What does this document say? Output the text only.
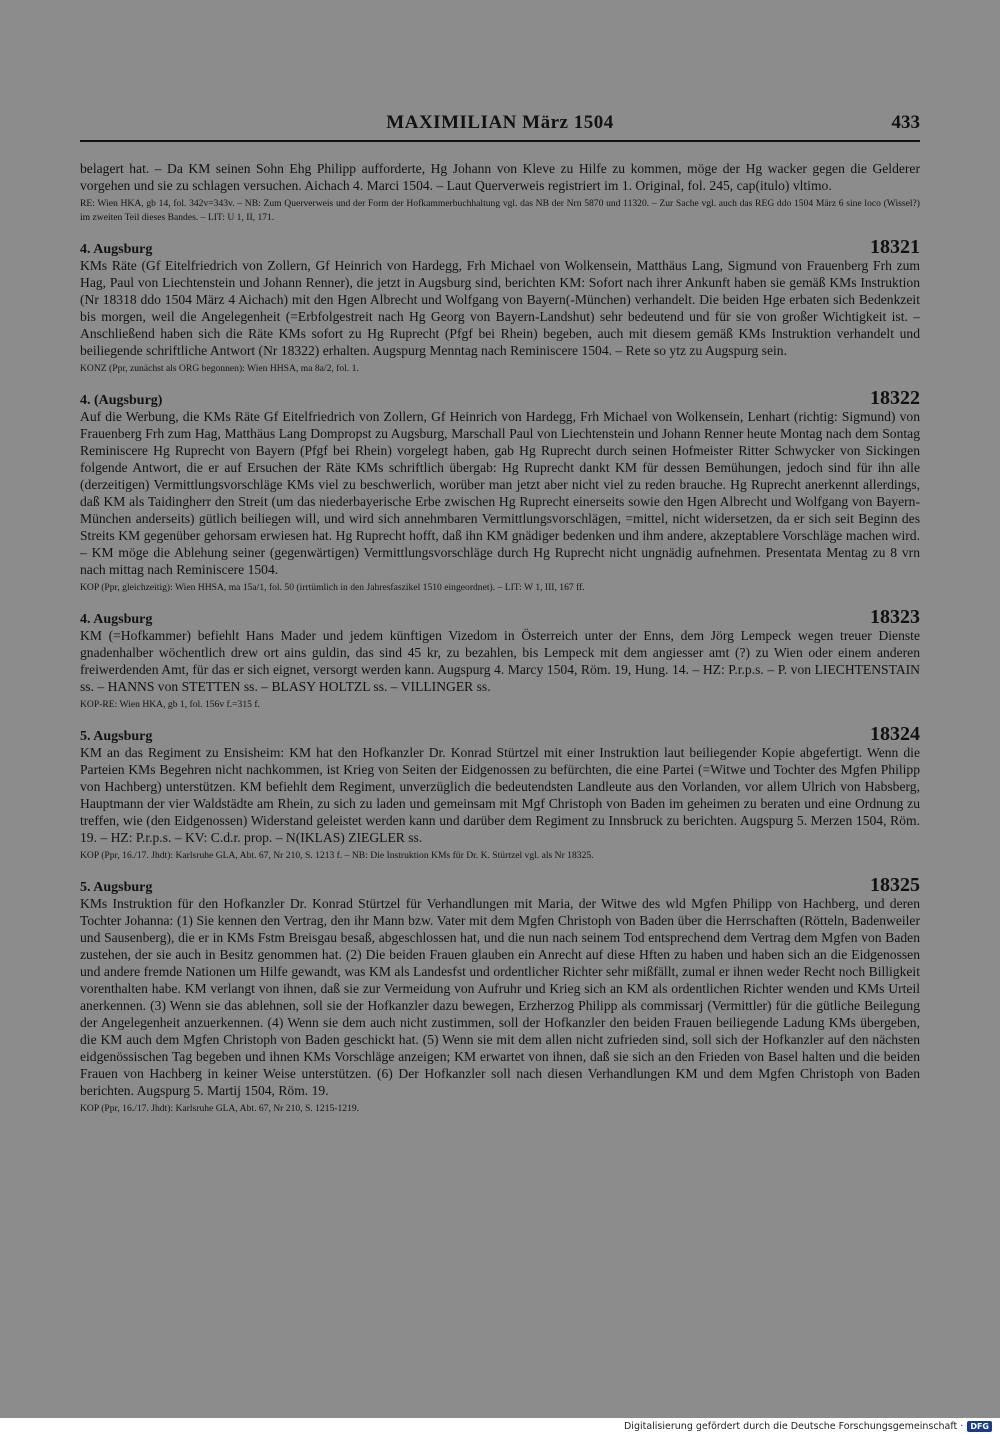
MAXIMILIAN März 1504	433

belagert hat. – Da KM seinen Sohn Ehg Philipp aufforderte, Hg Johann von Kleve zu Hilfe zu kommen, möge der Hg wacker gegen die Gelderer vorgehen und sie zu schlagen versuchen. Aichach 4. Marci 1504. – Laut Querverweis registriert im 1. Original, fol. 245, cap(itulo) vltimo.

RE: Wien HKA, gb 14, fol. 342v=343v. – NB: Zum Querverweis und der Form der Hofkammerbuchhaltung vgl. das NB der Nrn 5870 und 11320. – Zur Sache vgl. auch das REG ddo 1504 März 6 sine loco (Wissel?) im zweiten Teil dieses Bandes. – LIT: U 1, II, 171.

4. Augsburg	18321

KMs Räte (Gf Eitelfriedrich von Zollern, Gf Heinrich von Hardegg, Frh Michael von Wolkensein, Matthäus Lang, Sigmund von Frauenberg Frh zum Hag, Paul von Liechtenstein und Johann Renner), die jetzt in Augsburg sind, berichten KM: Sofort nach ihrer Ankunft haben sie gemäß KMs Instruktion (Nr 18318 ddo 1504 März 4 Aichach) mit den Hgen Albrecht und Wolfgang von Bayern(-München) verhandelt. Die beiden Hge erbaten sich Bedenkzeit bis morgen, weil die Angelegenheit (=Erbfolgestreit nach Hg Georg von Bayern-Landshut) sehr bedeutend und für sie von großer Wichtigkeit ist. – Anschließend haben sich die Räte KMs sofort zu Hg Ruprecht (Pfgf bei Rhein) begeben, auch mit diesem gemäß KMs Instruktion verhandelt und beiliegende schriftliche Antwort (Nr 18322) erhalten. Augspurg Menntag nach Reminiscere 1504. – Rete so ytz zu Augspurg sein.

KONZ (Ppr, zunächst als ORG begonnen): Wien HHSA, ma 8a/2, fol. 1.

4. (Augsburg)	18322

Auf die Werbung, die KMs Räte Gf Eitelfriedrich von Zollern, Gf Heinrich von Hardegg, Frh Michael von Wolkensein, Lenhart (richtig: Sigmund) von Frauenberg Frh zum Hag, Matthäus Lang Dompropst zu Augsburg, Marschall Paul von Liechtenstein und Johann Renner heute Montag nach dem Sontag Reminiscere Hg Ruprecht von Bayern (Pfgf bei Rhein) vorgelegt haben, gab Hg Ruprecht durch seinen Hofmeister Ritter Schwycker von Sickingen folgende Antwort, die er auf Ersuchen der Räte KMs schriftlich übergab: Hg Ruprecht dankt KM für dessen Bemühungen, jedoch sind für ihn alle (derzeitigen) Vermittlungsvorschläge KMs viel zu beschwerlich, worüber man jetzt aber nicht viel zu reden brauche. Hg Ruprecht anerkennt allerdings, daß KM als Taidingherr den Streit (um das niederbayerische Erbe zwischen Hg Ruprecht einerseits sowie den Hgen Albrecht und Wolfgang von Bayern-München anderseits) gütlich beiliegen will, und wird sich annehmbaren Vermittlungsvorschlägen, =mittel, nicht widersetzen, da er sich seit Beginn des Streits KM gegenüber gehorsam erwiesen hat. Hg Ruprecht hofft, daß ihn KM gnädiger bedenken und ihm andere, akzeptablere Vorschläge machen wird. – KM möge die Ablehung seiner (gegenwärtigen) Vermittlungsvorschläge durch Hg Ruprecht nicht ungnädig aufnehmen. Presentata Mentag zu 8 vrn nach mittag nach Reminiscere 1504.

KOP (Ppr, gleichzeitig): Wien HHSA, ma 15a/1, fol. 50 (irrtümlich in den Jahresfaszikel 1510 eingeordnet). – LIT: W 1, III, 167 ff.

4. Augsburg	18323

KM (=Hofkammer) befiehlt Hans Mader und jedem künftigen Vizedom in Österreich unter der Enns, dem Jörg Lempeck wegen treuer Dienste gnadenhalber wöchentlich drew ort ains guldin, das sind 45 kr, zu bezahlen, bis Lempeck mit dem angiesser amt (?) zu Wien oder einem anderen freiwerdenden Amt, für das er sich eignet, versorgt werden kann. Augspurg 4. Marcy 1504, Röm. 19, Hung. 14. – HZ: P.r.p.s. – P. von LIECHTENSTAIN ss. – HANNS von STETTEN ss. – BLASY HOLTZL ss. – VILLINGER ss.

KOP-RE: Wien HKA, gb 1, fol. 156v f.=315 f.

5. Augsburg	18324

KM an das Regiment zu Ensisheim: KM hat den Hofkanzler Dr. Konrad Stürtzel mit einer Instruktion laut beiliegender Kopie abgefertigt. Wenn die Parteien KMs Begehren nicht nachkommen, ist Krieg von Seiten der Eidgenossen zu befürchten, die eine Partei (=Witwe und Tochter des Mgfen Philipp von Hachberg) unterstützen. KM befiehlt dem Regiment, unverzüglich die bedeutendsten Landleute aus den Vorlanden, vor allem Ulrich von Habsberg, Hauptmann der vier Waldstädte am Rhein, zu sich zu laden und gemeinsam mit Mgf Christoph von Baden im geheimen zu beraten und eine Ordnung zu treffen, wie (den Eidgenossen) Widerstand geleistet werden kann und darüber dem Regiment zu Innsbruck zu berichten. Augspurg 5. Merzen 1504, Röm. 19. – HZ: P.r.p.s. – KV: C.d.r. prop. – N(IKLAS) ZIEGLER ss.

KOP (Ppr, 16./17. Jhdt): Karlsruhe GLA, Abt. 67, Nr 210, S. 1213 f. – NB: Die Instruktion KMs für Dr. K. Stürtzel vgl. als Nr 18325.

5. Augsburg	18325

KMs Instruktion für den Hofkanzler Dr. Konrad Stürtzel für Verhandlungen mit Maria, der Witwe des wld Mgfen Philipp von Hachberg, und deren Tochter Johanna: (1) Sie kennen den Vertrag, den ihr Mann bzw. Vater mit dem Mgfen Christoph von Baden über die Herrschaften (Rötteln, Badenweiler und Sausenberg), die er in KMs Fstm Breisgau besaß, abgeschlossen hat, und die nun nach seinem Tod entsprechend dem Vertrag dem Mgfen von Baden zustehen, der sie auch in Besitz genommen hat. (2) Die beiden Frauen glauben ein Anrecht auf diese Hften zu haben und haben sich an die Eidgenossen und andere fremde Nationen um Hilfe gewandt, was KM als Landesfst und ordentlicher Richter sehr mißfällt, zumal er ihnen weder Recht noch Billigkeit vorenthalten habe. KM verlangt von ihnen, daß sie zur Vermeidung von Aufruhr und Krieg sich an KM als ordentlichen Richter wenden und KMs Urteil anerkennen. (3) Wenn sie das ablehnen, soll sie der Hofkanzler dazu bewegen, Erzherzog Philipp als commissarj (Vermittler) für die gütliche Beilegung der Angelegenheit anzuerkennen. (4) Wenn sie dem auch nicht zustimmen, soll der Hofkanzler den beiden Frauen beiliegende Ladung KMs übergeben, die KM auch dem Mgfen Christoph von Baden geschickt hat. (5) Wenn sie mit dem allen nicht zufrieden sind, soll sich der Hofkanzler auf den nächsten eidgenössischen Tag begeben und ihnen KMs Vorschläge anzeigen; KM erwartet von ihnen, daß sie sich an den Frieden von Basel halten und die beiden Frauen von Hachberg in keiner Weise unterstützen. (6) Der Hofkanzler soll nach diesen Verhandlungen KM und dem Mgfen Christoph von Baden berichten. Augspurg 5. Martij 1504, Röm. 19.

KOP (Ppr, 16./17. Jhdt): Karlsruhe GLA, Abt. 67, Nr 210, S. 1215-1219.

Digitalisierung gefördert durch die Deutsche Forschungsgemeinschaft · DFG
